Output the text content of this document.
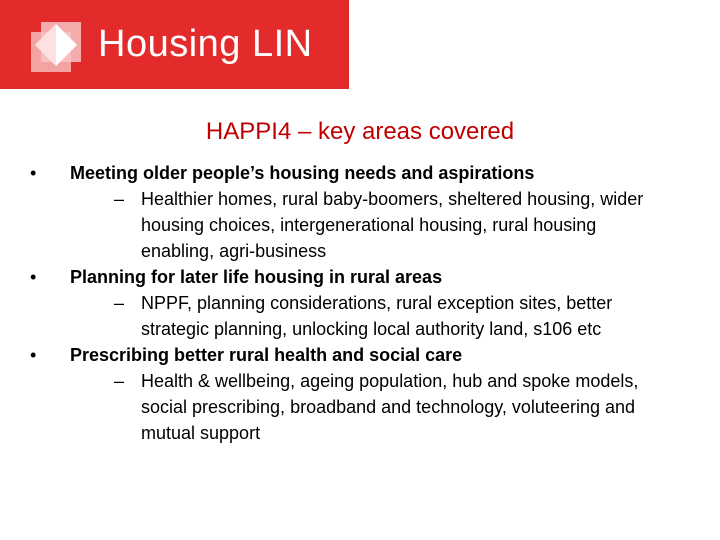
Housing LIN
HAPPI4 – key areas covered
• Meeting older people’s housing needs and aspirations
– Healthier homes, rural baby-boomers, sheltered housing, wider housing choices, intergenerational housing, rural housing enabling, agri-business
• Planning for later life housing in rural areas
– NPPF, planning considerations, rural exception sites, better strategic planning, unlocking local authority land, s106 etc
• Prescribing better rural health and social care
– Health & wellbeing, ageing population, hub and spoke models, social prescribing, broadband and technology, voluteering and mutual support
